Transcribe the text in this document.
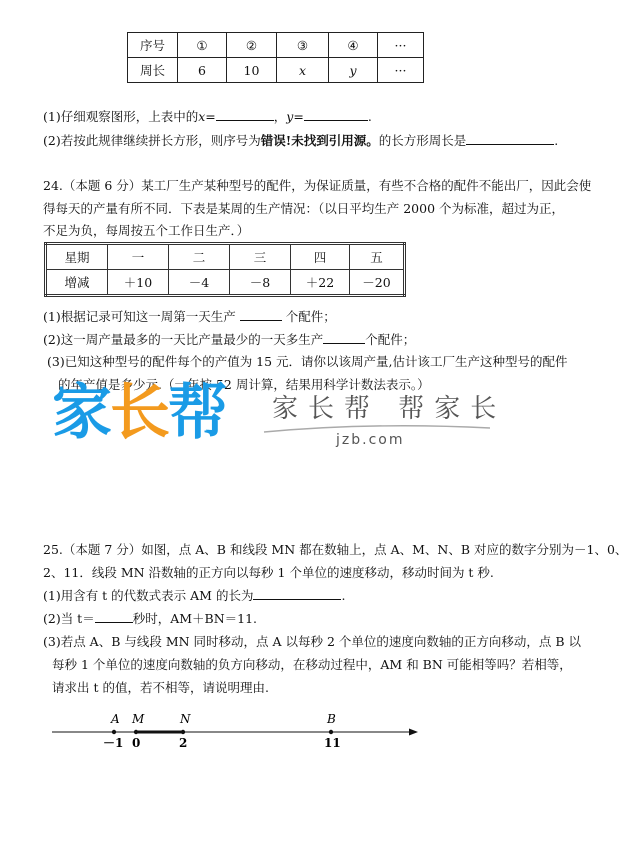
序号	①	②	③	④	···
周长	6	10	x	y	···
(1)仔细观察图形，上表中的x=	，y=	.
(2)若按此规律继续拼长方形，则序号为错误!未找到引用源。的长方形周长是	.
24.（本题 6 分）某工厂生产某种型号的配件，为保证质量，有些不合格的配件不能出厂，因此会使
得每天的产量有所不同．下表是某周的生产情况：（以日平均生产 2000 个为标准，超过为正，
不足为负，每周按五个工作日生产．）
星期	一	二	三	四	五
增减	＋10	－4	－8	＋22	－20
(1)根据记录可知这一周第一天生产	个配件；
(2)这一周产量最多的一天比产量最少的一天多生产	个配件；
(3)已知这种型号的配件每个的产值为 15 元．请你以该周产量,估计该工厂生产这种型号的配件
的年产值是多少元.（一年按 52 周计算，结果用科学计数法表示。）
家长帮 家长帮 帮家长
jzb.com
25.（本题 7 分）如图，点 A、B 和线段 MN 都在数轴上，点 A、M、N、B 对应的数字分别为－1、0、
2、11．线段 MN 沿数轴的正方向以每秒 1 个单位的速度移动，移动时间为 t 秒.
(1)用含有 t 的代数式表示 AM 的长为	.
(2)当 t＝	秒时，AM＋BN＝11.
(3)若点 A、B 与线段 MN 同时移动，点 A 以每秒 2 个单位的速度向数轴的正方向移动，点 B 以
每秒 1 个单位的速度向数轴的负方向移动，在移动过程中，AM 和 BN 可能相等吗？若相等，
请求出 t 的值，若不相等，请说明理由.
A M	N	B
－1 0	2	11
